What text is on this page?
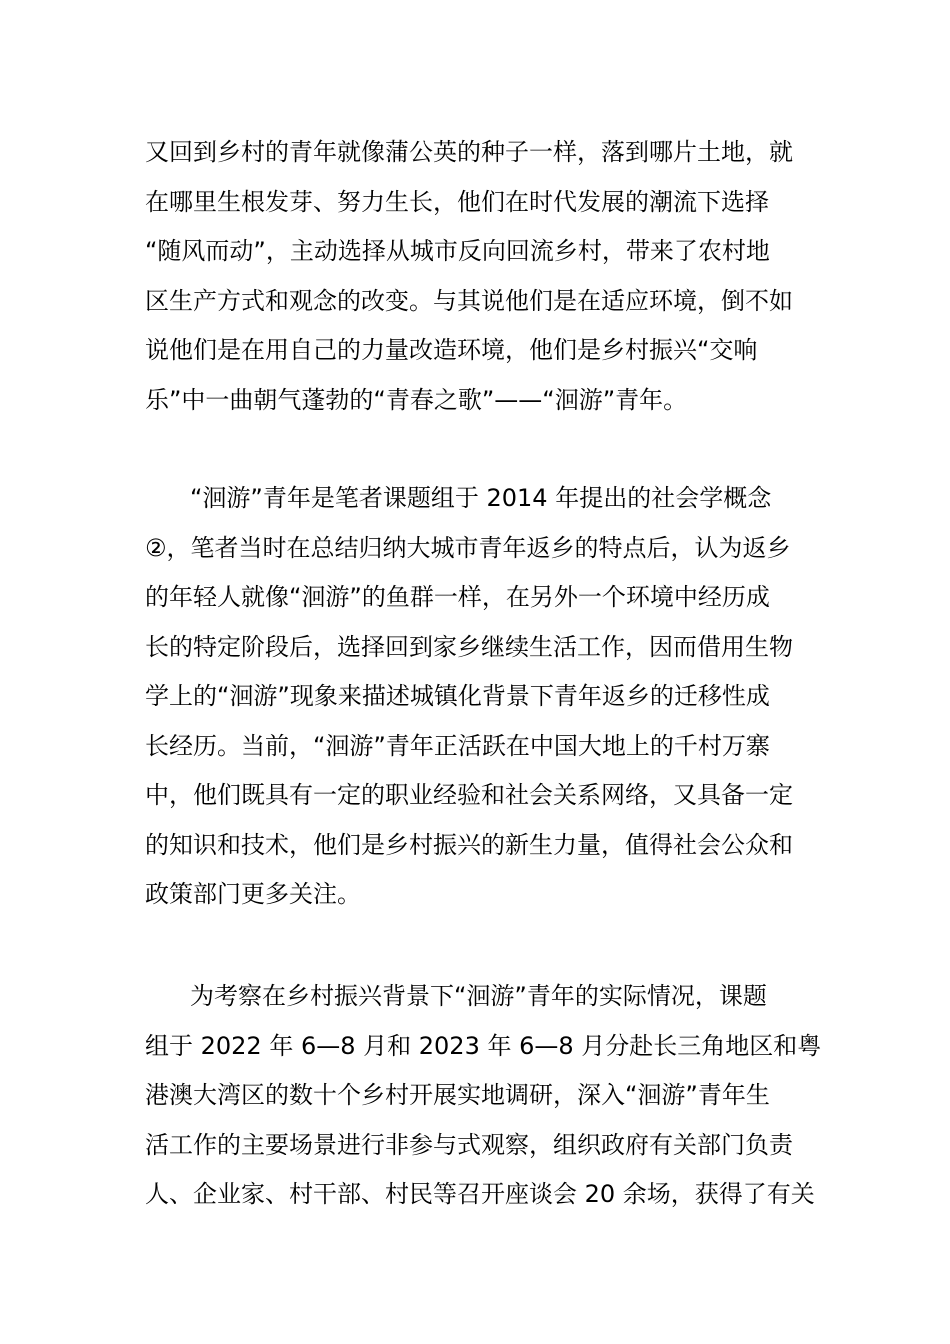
又回到乡村的青年就像蒲公英的种子一样，落到哪片土地，就
在哪里生根发芽、努力生长，他们在时代发展的潮流下选择
“随风而动”，主动选择从城市反向回流乡村，带来了农村地
区生产方式和观念的改变。与其说他们是在适应环境，倒不如
说他们是在用自己的力量改造环境，他们是乡村振兴“交响
乐”中一曲朝气蓬勃的“青春之歌”——“洄游”青年。
“洄游”青年是笔者课题组于 2014 年提出的社会学概念
②，笔者当时在总结归纳大城市青年返乡的特点后，认为返乡
的年轻人就像“洄游”的鱼群一样，在另外一个环境中经历成
长的特定阶段后，选择回到家乡继续生活工作，因而借用生物
学上的“洄游”现象来描述城镇化背景下青年返乡的迁移性成
长经历。当前，“洄游”青年正活跃在中国大地上的千村万寨
中，他们既具有一定的职业经验和社会关系网络，又具备一定
的知识和技术，他们是乡村振兴的新生力量，值得社会公众和
政策部门更多关注。
为考察在乡村振兴背景下“洄游”青年的实际情况，课题
组于 2022 年 6—8 月和 2023 年 6—8 月分赴长三角地区和粤
港澳大湾区的数十个乡村开展实地调研，深入“洄游”青年生
活工作的主要场景进行非参与式观察，组织政府有关部门负责
人、企业家、村干部、村民等召开座谈会 20 余场，获得了有关
